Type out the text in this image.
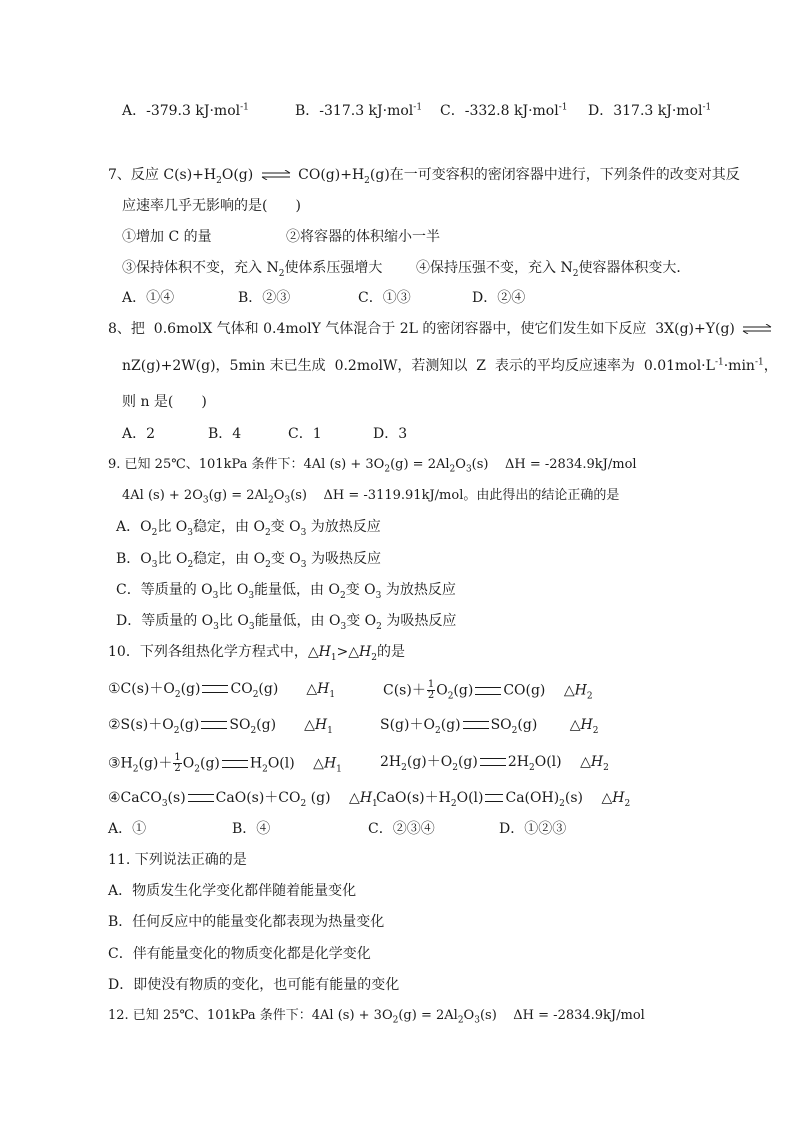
A．-379.3 kJ·mol$^{-1}$	B．-317.3 kJ·mol$^{-1}$ C．-332.8 kJ·mol$^{-1}$ D．317.3 kJ·mol$^{-1}$
7、反应 $C(s)+H_2O(g)$ ⇌ $CO(g)+H_2(g)$在一可变容积的密闭容器中进行，下列条件的改变对其反
应速率几乎无影响的是(　　)
①增加 C 的量	②将容器的体积缩小一半
③保持体积不变，充入 $N_2$使体系压强增大 ④保持压强不变，充入 $N_2$使容器体积变大．
A．①④	B．②③	C．①③	D．②④
8、把  0.6molX 气体和 0.4molY 气体混合于 2L 的密闭容器中，使它们发生如下反应  3X(g)+Y(g) ⇌
nZ(g)+2W(g)，5min 末已生成  0.2molW，若测知以  Z  表示的平均反应速率为  $0.01mol\cdot L^{-1}\cdot\min^{-1}$，
则 n 是(　　)
A．2	B．4	C．1	D．3
9. 已知 25℃、101kPa 条件下：4Al $(s) + 3O_2(g) = 2Al_2O_3(s)$    ΔH = -2834.9kJ/mol
4Al $(s) + 2O_3(g) = 2Al_2O_3(s)$    ΔH = -3119.91kJ/mol。由此得出的结论正确的是
A．$O_2$比 $O_3$稳定，由 $O_2$变 $O_3$ 为放热反应
B．$O_3$比 $O_2$稳定，由 $O_2$变 $O_3$ 为吸热反应
C．等质量的 $O_3$比 $O_3$能量低，由 $O_2$变 $O_3$ 为放热反应
D．等质量的 $O_3$比 $O_3$能量低，由 $O_3$变 $O_2$ 为吸热反应
10．下列各组热化学方程式中，$\triangle H_1>\triangle H_2$的是
$①C(s)+O_2(g)$ $CO_2(g)$　　 $\triangle H_1$	$C(s)+ \frac{1}{2} O_2(g)$ CO(g)　 $\triangle H_2$
$②S(s)+O_2(g)$ $SO_2(g)$　　 $\triangle H_1$	$S(g)+O_2(g)$ $SO_2(g)$　　 $\triangle H_2$
$③H_2(g)+ \frac{1}{2} O_2(g)$ $H_2O(l)$　 $\triangle H_1$	$2H_2(g)+O_2(g)$ $2H_2O(l)$　 $\triangle H_2$
④CaCO$_3$(s) $CaO(s)+CO_2$ (g)　 $\triangle H_1$
$CaO(s)+H_2O(l)$ $Ca(OH)_2(s)$　 $\triangle H_2$
A．①	B．④	C．②③④	D．①②③
11. 下列说法正确的是
A．物质发生化学变化都伴随着能量变化
B．任何反应中的能量变化都表现为热量变化
C．伴有能量变化的物质变化都是化学变化
D．即使没有物质的变化，也可能有能量的变化
12. 已知 25℃、101kPa 条件下：4Al $(s) + 3O_2(g) = 2Al_2O_3(s)$    ΔH = -2834.9kJ/mol
